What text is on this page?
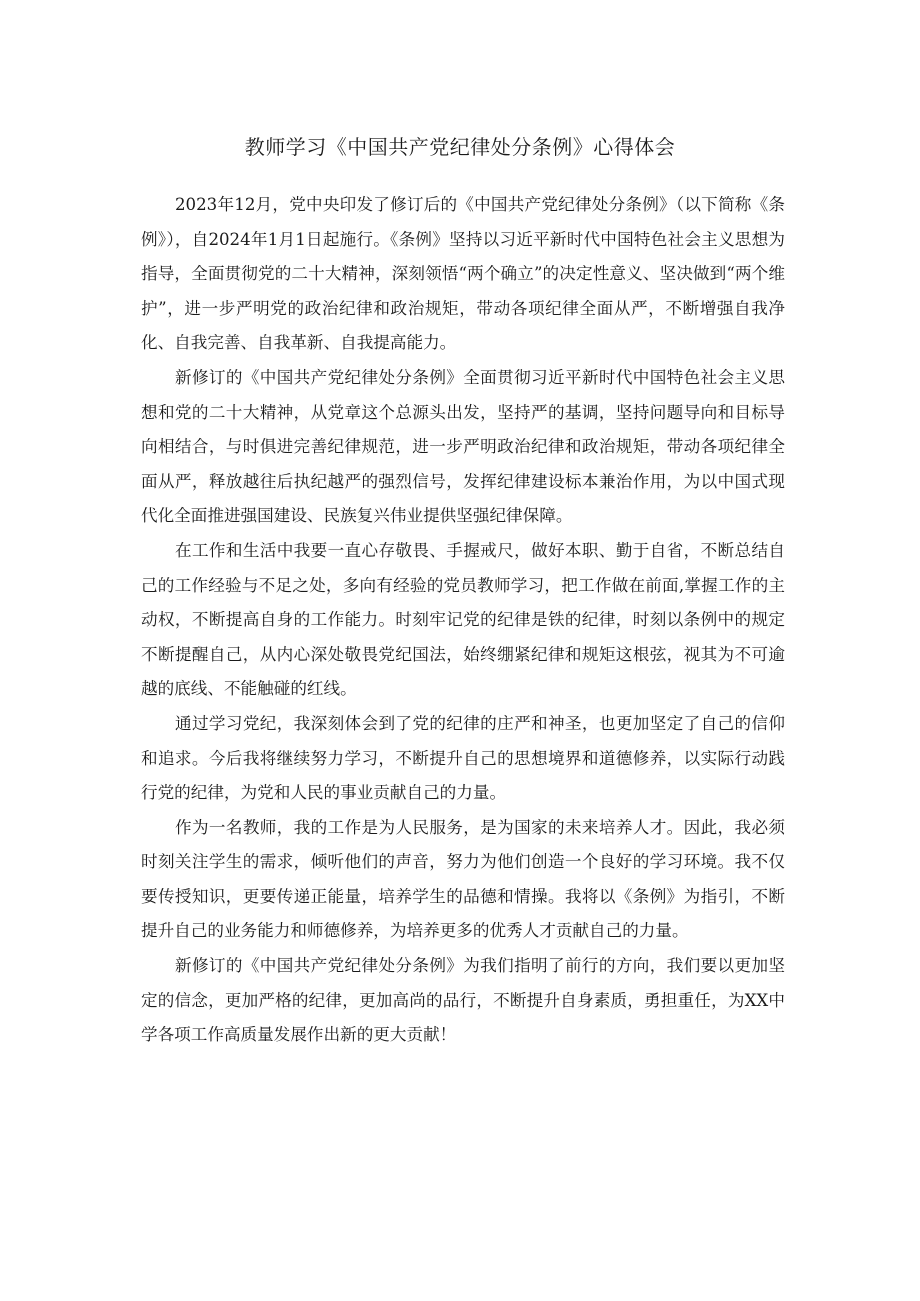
教师学习《中国共产党纪律处分条例》心得体会

2023年12月，党中央印发了修订后的《中国共产党纪律处分条例》（以下简称《条例》），自2024年1月1日起施行。《条例》坚持以习近平新时代中国特色社会主义思想为指导，全面贯彻党的二十大精神，深刻领悟“两个确立”的决定性意义、坚决做到“两个维护”，进一步严明党的政治纪律和政治规矩，带动各项纪律全面从严，不断增强自我净化、自我完善、自我革新、自我提高能力。

新修订的《中国共产党纪律处分条例》全面贯彻习近平新时代中国特色社会主义思想和党的二十大精神，从党章这个总源头出发，坚持严的基调，坚持问题导向和目标导向相结合，与时俱进完善纪律规范，进一步严明政治纪律和政治规矩，带动各项纪律全面从严，释放越往后执纪越严的强烈信号，发挥纪律建设标本兼治作用，为以中国式现代化全面推进强国建设、民族复兴伟业提供坚强纪律保障。

在工作和生活中我要一直心存敬畏、手握戒尺，做好本职、勤于自省，不断总结自己的工作经验与不足之处，多向有经验的党员教师学习，把工作做在前面,掌握工作的主动权，不断提高自身的工作能力。时刻牢记党的纪律是铁的纪律，时刻以条例中的规定不断提醒自己，从内心深处敬畏党纪国法，始终绷紧纪律和规矩这根弦，视其为不可逾越的底线、不能触碰的红线。

通过学习党纪，我深刻体会到了党的纪律的庄严和神圣，也更加坚定了自己的信仰和追求。今后我将继续努力学习，不断提升自己的思想境界和道德修养，以实际行动践行党的纪律，为党和人民的事业贡献自己的力量。

作为一名教师，我的工作是为人民服务，是为国家的未来培养人才。因此，我必须时刻关注学生的需求，倾听他们的声音，努力为他们创造一个良好的学习环境。我不仅要传授知识，更要传递正能量，培养学生的品德和情操。我将以《条例》为指引，不断提升自己的业务能力和师德修养，为培养更多的优秀人才贡献自己的力量。

新修订的《中国共产党纪律处分条例》为我们指明了前行的方向，我们要以更加坚定的信念，更加严格的纪律，更加高尚的品行，不断提升自身素质，勇担重任，为XX中学各项工作高质量发展作出新的更大贡献！
